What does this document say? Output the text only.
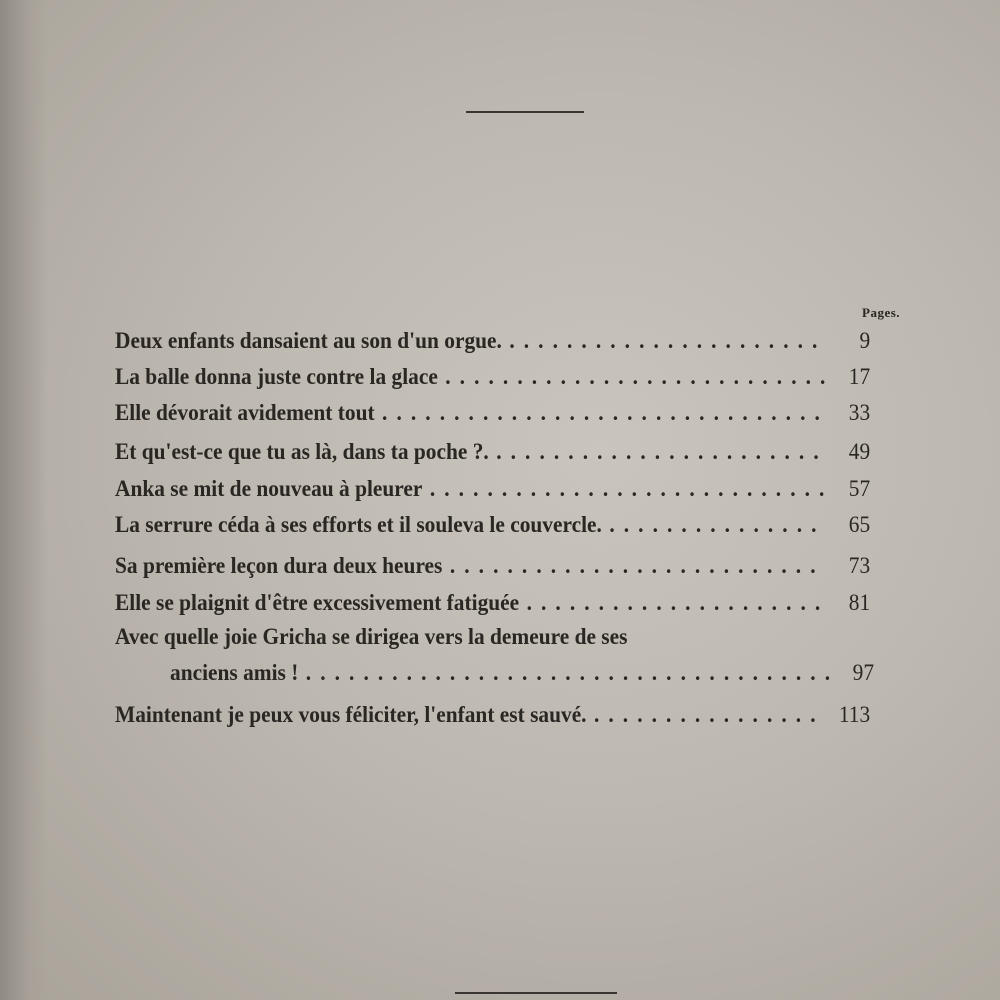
Pages.
Deux enfants dansaient au son d'un orgue. . . .	9
La balle donna juste contre la glace . . .	17
Elle dévorait avidement tout . . .	33
Et qu'est-ce que tu as là, dans ta poche ?. . . .	49
Anka se mit de nouveau à pleurer . . .	57
La serrure céda à ses efforts et il souleva le couvercle. . . .	65
Sa première leçon dura deux heures . . .	73
Elle se plaignit d'être excessivement fatiguée . . .	81
Avec quelle joie Gricha se dirigea vers la demeure de ses
anciens amis ! . . .	97
Maintenant je peux vous féliciter, l'enfant est sauvé. . . .	113
